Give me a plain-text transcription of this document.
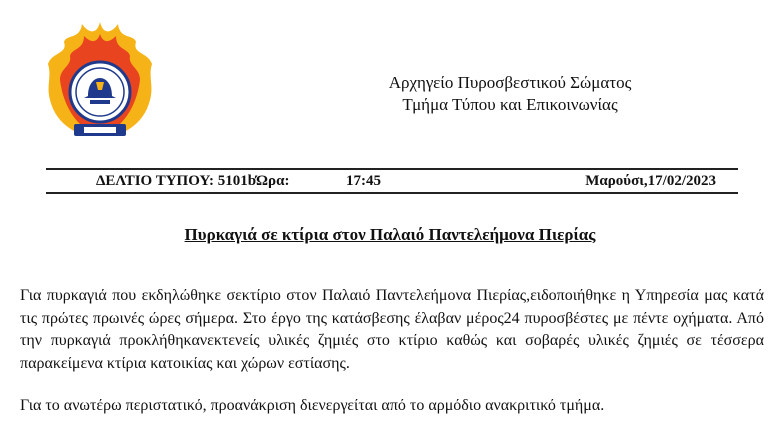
Αρχηγείο Πυροσβεστικού Σώματος
Τμήμα Τύπου και Επικοινωνίας
ΔΕΛΤΙΟ ΤΥΠΟΥ: 5101bΏρα:	17:45	Μαρούσι,17/02/2023
Πυρκαγιά σε κτίρια στον Παλαιό Παντελεήμονα Πιερίας

Για πυρκαγιά που εκδηλώθηκε σεκτίριο στον Παλαιό Παντελεήμονα Πιερίας,ειδοποιήθηκε η Υπηρεσία μας κατά τις πρώτες πρωινές ώρες σήμερα. Στο έργο της κατάσβεσης έλαβαν μέρος24 πυροσβέστες με πέντε οχήματα. Από την πυρκαγιά προκλήθηκανεκτενείς υλικές ζημιές στο κτίριο καθώς και σοβαρές υλικές ζημιές σε τέσσερα παρακείμενα κτίρια κατοικίας και χώρων εστίασης.

Για το ανωτέρω περιστατικό, προανάκριση διενεργείται από το αρμόδιο ανακριτικό τμήμα.
